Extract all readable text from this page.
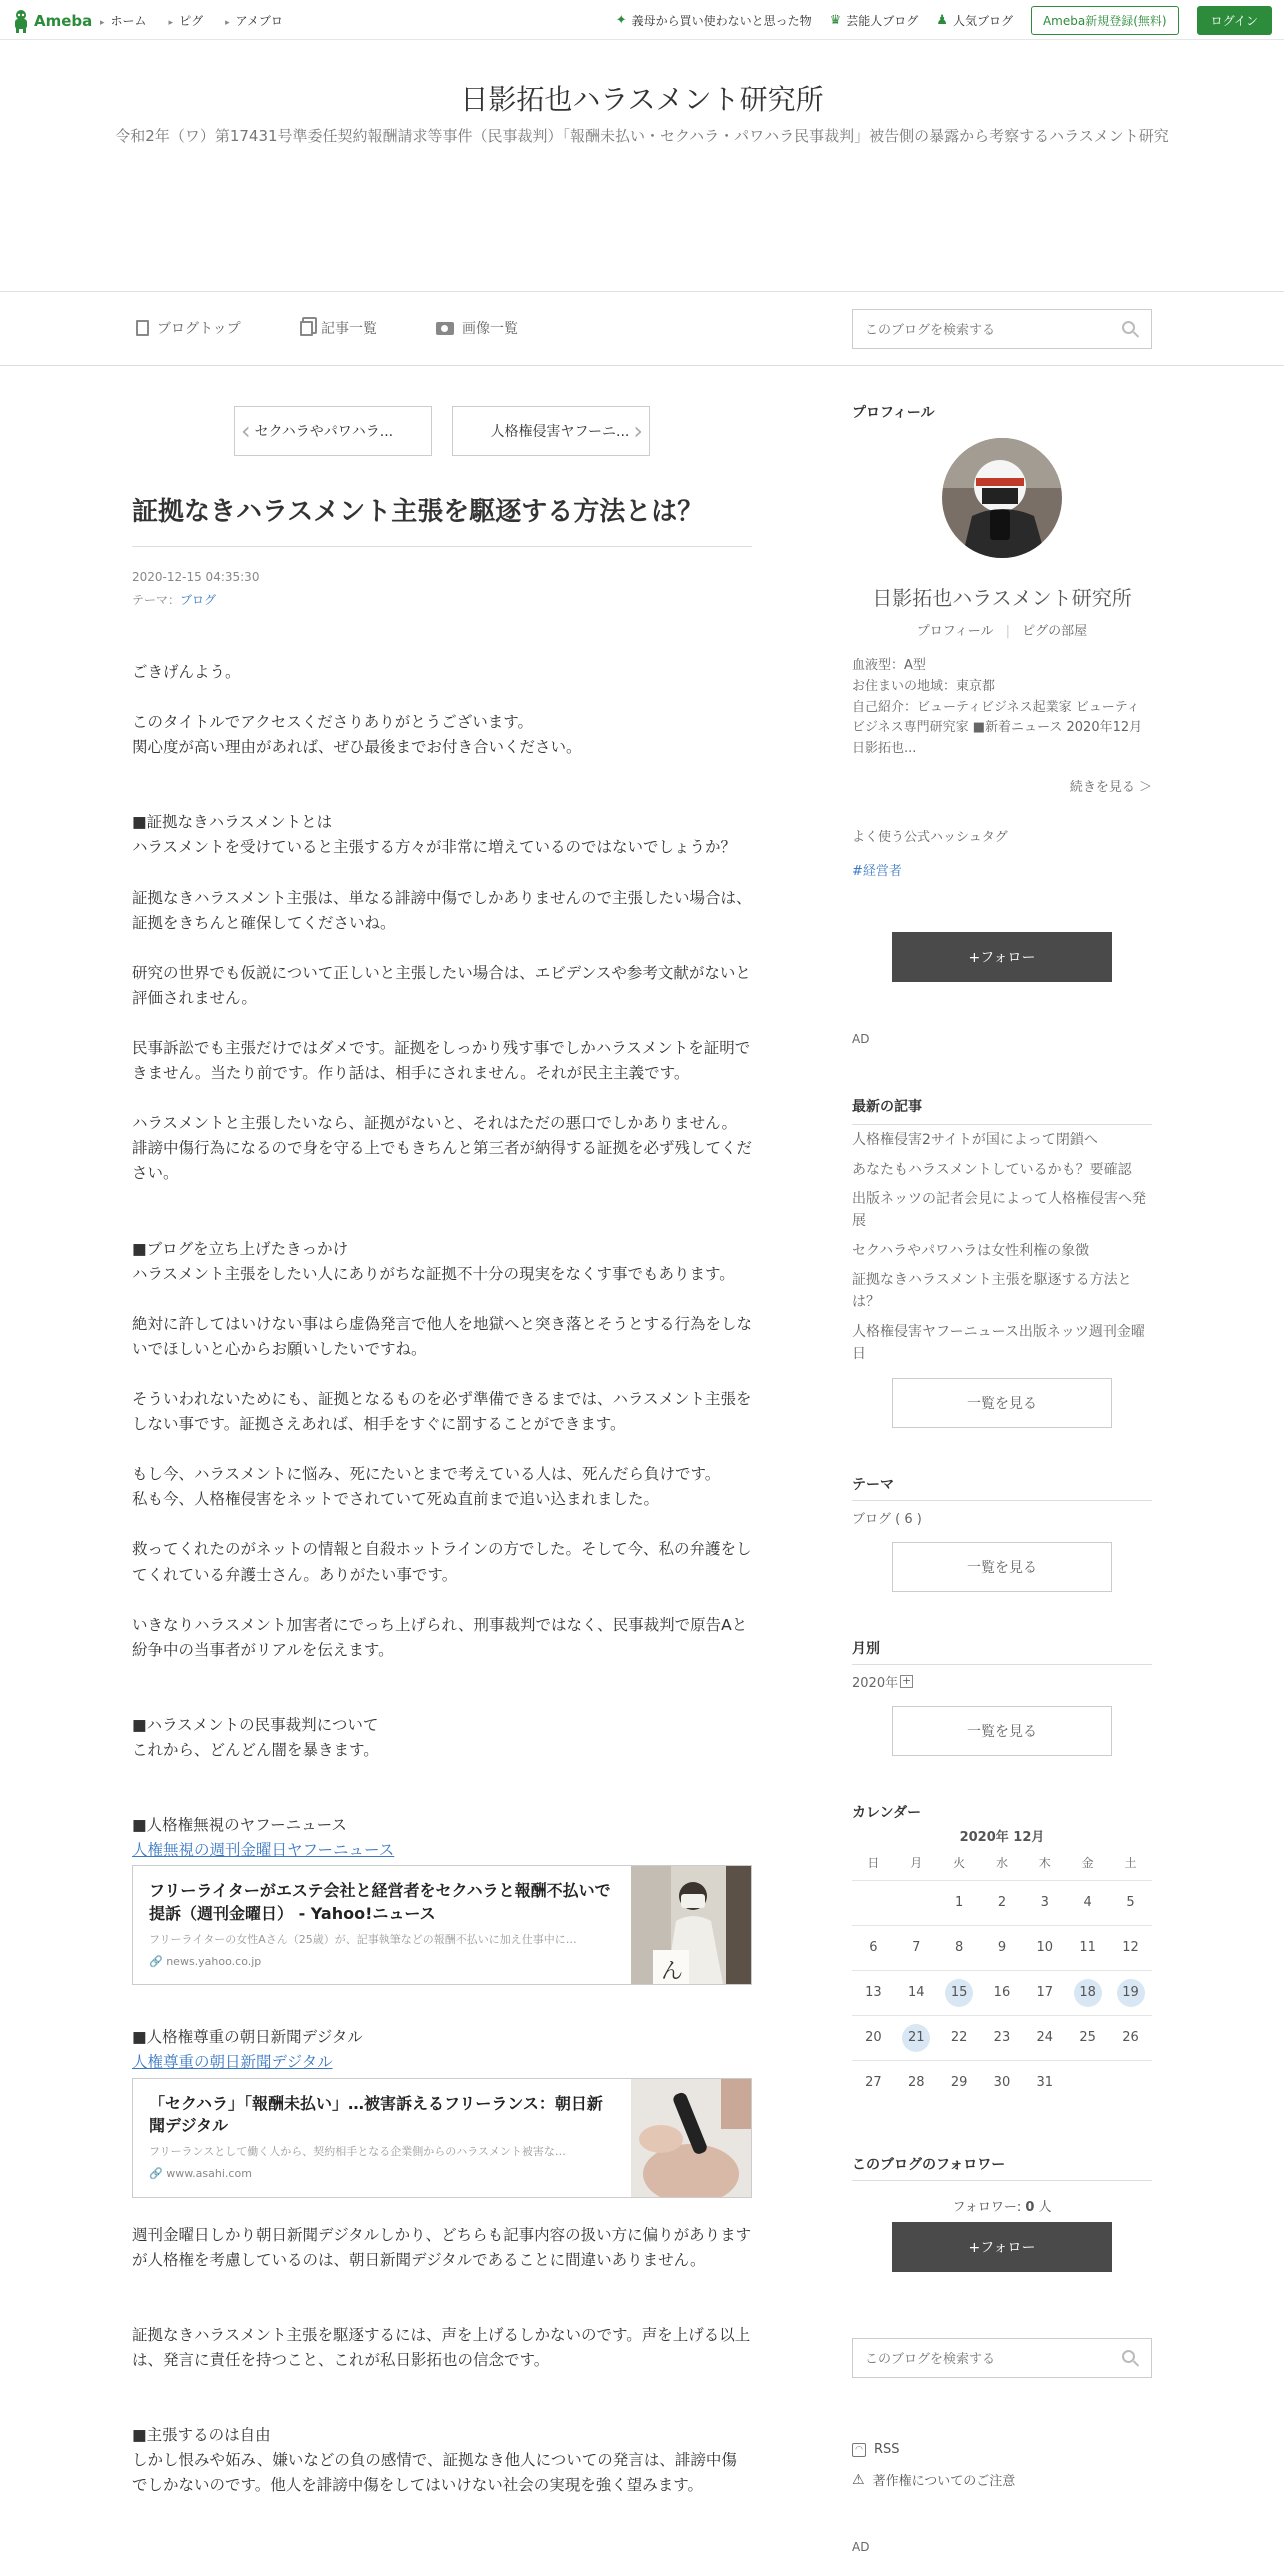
Ameba ▸ ホーム ▸ ピグ ▸ アメブロ	✦ 義母から買い使わないと思った物 ♛ 芸能人ブログ ♟ 人気ブログ	Ameba新規登録(無料)	ログイン
日影拓也ハラスメント研究所
令和2年（ワ）第17431号準委任契約報酬請求等事件（民事裁判）「報酬未払い・セクハラ・パワハラ民事裁判」被告側の暴露から考察するハラスメント研究
ブログトップ	記事一覧	画像一覧
このブログを検索する
‹ セクハラやパワハラ...	人格権侵害ヤフーニ... ›
証拠なきハラスメント主張を駆逐する方法とは？
2020-12-15 04:35:30
テーマ：ブログ

ごきげんよう。

このタイトルでアクセスくださりありがとうございます。

関心度が高い理由があれば、ぜひ最後までお付き合いください。

■証拠なきハラスメントとは

ハラスメントを受けていると主張する方々が非常に増えているのではないでしょうか？

証拠なきハラスメント主張は、単なる誹謗中傷でしかありませんので主張したい場合は、証拠をきちんと確保してくださいね。

研究の世界でも仮説について正しいと主張したい場合は、エビデンスや参考文献がないと評価されません。

民事訴訟でも主張だけではダメです。証拠をしっかり残す事でしかハラスメントを証明できません。当たり前です。作り話は、相手にされません。それが民主主義です。

ハラスメントと主張したいなら、証拠がないと、それはただの悪口でしかありません。誹謗中傷行為になるので身を守る上でもきちんと第三者が納得する証拠を必ず残してください。

■ブログを立ち上げたきっかけ

ハラスメント主張をしたい人にありがちな証拠不十分の現実をなくす事でもあります。

絶対に許してはいけない事はら虚偽発言で他人を地獄へと突き落とそうとする行為をしないでほしいと心からお願いしたいですね。

そういわれないためにも、証拠となるものを必ず準備できるまでは、ハラスメント主張をしない事です。証拠さえあれば、相手をすぐに罰することができます。

もし今、ハラスメントに悩み、死にたいとまで考えている人は、死んだら負けです。

私も今、人格権侵害をネットでされていて死ぬ直前まで追い込まれました。

救ってくれたのがネットの情報と自殺ホットラインの方でした。そして今、私の弁護をしてくれている弁護士さん。ありがたい事です。

いきなりハラスメント加害者にでっち上げられ、刑事裁判ではなく、民事裁判で原告Aと紛争中の当事者がリアルを伝えます。

■ハラスメントの民事裁判について

これから、どんどん闇を暴きます。

■人格権無視のヤフーニュース

人権無視の週刊金曜日ヤフーニュース

フリーライターがエステ会社と経営者をセクハラと報酬不払いで提訴（週刊金曜日） - Yahoo!ニュース
フリーライターの女性Aさん（25歳）が、記事執筆などの報酬不払いに加え仕事中に…
🔗 news.yahoo.co.jp	ん

■人格権尊重の朝日新聞デジタル

人権尊重の朝日新聞デジタル

「セクハラ」「報酬未払い」…被害訴えるフリーランス：朝日新聞デジタル
フリーランスとして働く人から、契約相手となる企業側からのハラスメント被害な…
🔗 www.asahi.com

週刊金曜日しかり朝日新聞デジタルしかり、どちらも記事内容の扱い方に偏りがありますが人格権を考慮しているのは、朝日新聞デジタルであることに間違いありません。

証拠なきハラスメント主張を駆逐するには、声を上げるしかないのです。声を上げる以上は、発言に責任を持つこと、これが私日影拓也の信念です。

■主張するのは自由

しかし恨みや妬み、嫌いなどの負の感情で、証拠なき他人についての発言は、誹謗中傷でしかないのです。他人を誹謗中傷をしてはいけない社会の実現を強く望みます。

プロフィール
日影拓也ハラスメント研究所
プロフィール | ピグの部屋
血液型：A型
お住まいの地域：東京都
自己紹介：ビューティビジネス起業家 ビューティビジネス専門研究家 ■新着ニュース 2020年12月 日影拓也...
続きを見る ＞
よく使う公式ハッシュタグ
#経営者
+フォロー
AD
最新の記事
人格権侵害2サイトが国によって閉鎖へ
あなたもハラスメントしているかも？要確認
出版ネッツの記者会見によって人格権侵害へ発展
セクハラやパワハラは女性利権の象徴
証拠なきハラスメント主張を駆逐する方法とは？
人格権侵害ヤフーニュース出版ネッツ週刊金曜日
一覧を見る
テーマ
ブログ ( 6 )
一覧を見る
月別
2020年 +
一覧を見る
カレンダー
2020年 12月
日	月	火	水	木	金	土
		1	2	3	4	5
6	7	8	9	10	11	12
13	14	15	16	17	18	19
20	21	22	23	24	25	26
27	28	29	30	31		
このブログのフォロワー
フォロワー: 0 人
+フォロー
このブログを検索する
◠ RSS
⚠ 著作権についてのご注意
AD
